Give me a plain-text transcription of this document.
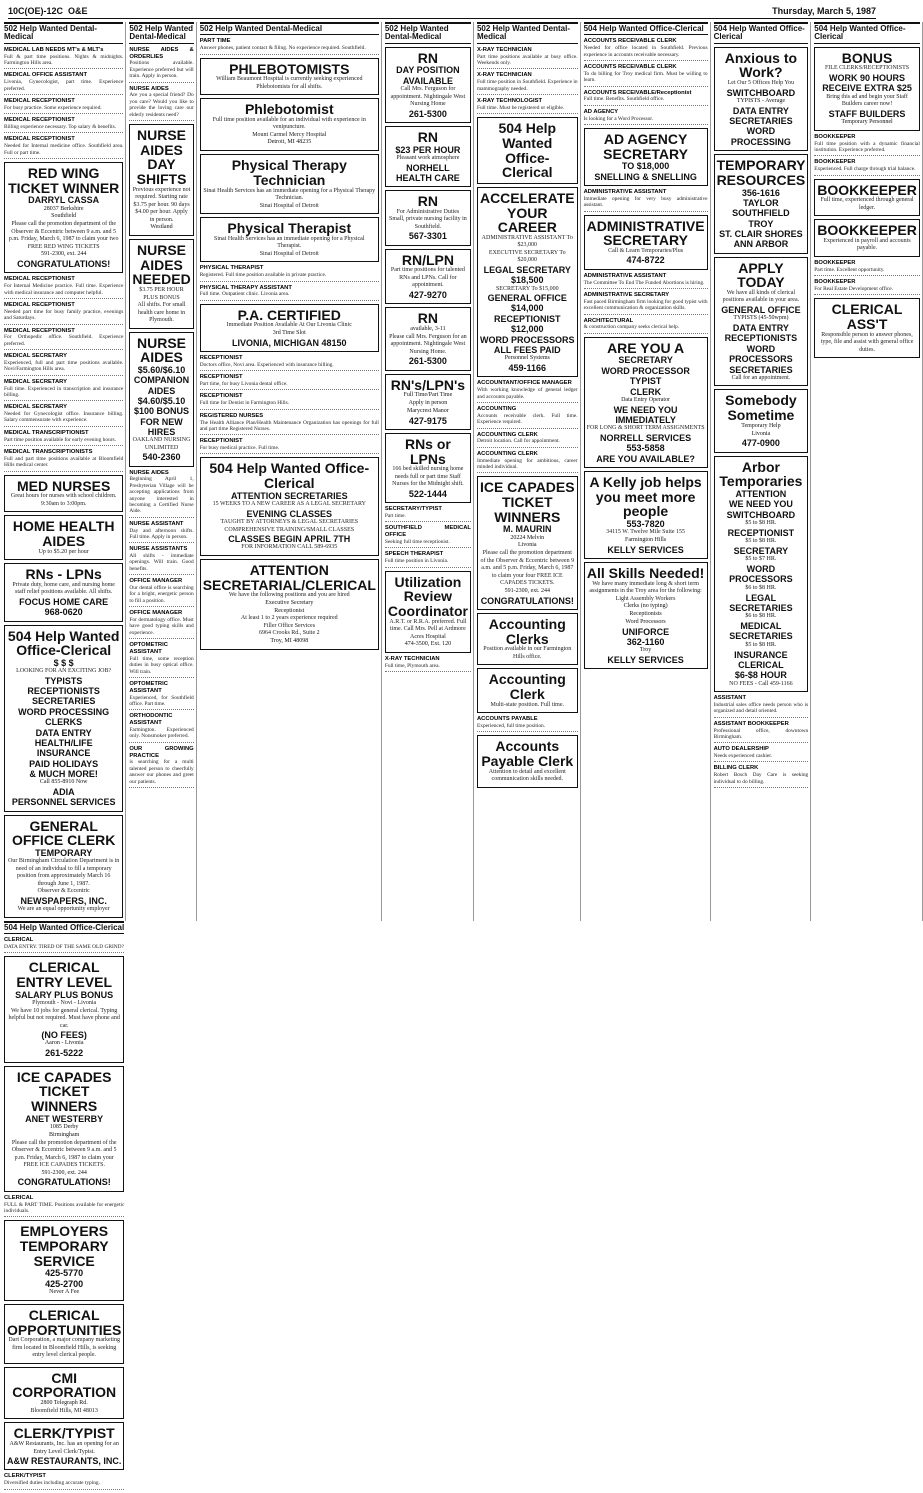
10C(OE)-12C O&E	Thursday, March 5, 1987
502 Help Wanted Dental-Medical
MEDICAL LAB NEEDS MT's & MLT's
Full & part time positions. Nights & midnights. Farmington Hills area.
MEDICAL OFFICE ASSISTANT
Livonia, Gynecologist, part time. Experience preferred.
MEDICAL RECEPTIONIST
For busy practice. Some experience required.
MEDICAL RECEPTIONIST
Billing experience necessary. Top salary & benefits.
MEDICAL RECEPTIONIST
Needed for Internal medicine office. Southfield area. Full or part time.
RED WING TICKET WINNER
DARRYL CASSA
28037 Berkshire
Southfield
Please call the promotion department of the Observer & Eccentric between 9 a.m. and 5 p.m. Friday, March 6, 1987 to claim your two FREE RED WING TICKETS
591-2300, ext. 244
CONGRATULATIONS!
MEDICAL RECEPTIONIST
For Internal Medicine practice. Full time. Experience with medical insurance and computer helpful.
MEDICAL RECEPTIONIST
Needed part time for busy family practice, evenings and Saturdays.
MEDICAL RECEPTIONIST
For Orthopedic office. Southfield. Experience preferred.
MEDICAL SECRETARY
Experienced, full and part time positions available. Novi/Farmington Hills area.
MEDICAL SECRETARY
Full time. Experienced in transcription and insurance billing.
MEDICAL SECRETARY
Needed for Gynecologist office. Insurance billing. Salary commensurate with experience.
MEDICAL TRANSCRIPTIONIST
Part time position available for early evening hours.
MEDICAL TRANSCRIPTIONISTS
Full and part time positions available at Bloomfield Hills medical center.
MED NURSES
Great hours for nurses with school children. 9:30am to 3:00pm.
HOME HEALTH AIDES
Up to $5.20 per hour
RNs - LPNs
Private duty, home care, and nursing home staff relief positions available. All shifts.
FOCUS HOME CARE
968-0620
504 Help Wanted Office-Clerical
$ $ $
LOOKING FOR AN EXCITING JOB?
TYPISTS
RECEPTIONISTS
SECRETARIES
WORD PROCESSING
CLERKS
DATA ENTRY
HEALTH/LIFE INSURANCE
PAID HOLIDAYS
& MUCH MORE!
Call 855-8910 Now
ADIA
PERSONNEL SERVICES
GENERAL OFFICE CLERK
TEMPORARY
Our Birmingham Circulation Department is in need of an individual to fill a temporary position from approximately March 16 through June 1, 1987.
Observer & Eccentric
NEWSPAPERS, INC.
We are an equal opportunity employer
502 Help Wanted Dental-Medical
NURSE AIDES & ORDERLIES
Positions available. Experience preferred but will train. Apply in person.
NURSE AIDES
Are you a special friend? Do you care? Would you like to provide the loving care our elderly residents need?
NURSE AIDES DAY SHIFTS
Previous experience not required. Starting rate $3.75 per hour. 90 days $4.00 per hour. Apply in person.
Westland
NURSE AIDES NEEDED
$3.75 PER HOUR PLUS BONUS
All shifts. For small health care home in Plymouth.
NURSE AIDES
$5.60/$6.10
COMPANION AIDES
$4.60/$5.10
$100 BONUS
FOR NEW HIRES
OAKLAND NURSING UNLIMITED
540-2360
NURSE AIDES
Beginning April 1, Presbyterian Village will be accepting applications from anyone interested in becoming a Certified Nurse Aide.
NURSE ASSISTANT
Day and afternoon shifts. Full time. Apply in person.
NURSE ASSISTANTS
All shifts - immediate openings. Will train. Good benefits.
OFFICE MANAGER
Our dental office is searching for a bright, energetic person to fill a position.
OFFICE MANAGER
For dermatology office. Must have good typing skills and experience.
OPTOMETRIC ASSISTANT
Full time, some reception duties in busy optical office. Will train.
OPTOMETRIC ASSISTANT
Experienced, for Southfield office. Part time.
ORTHODONTIC ASSISTANT
Farmington. Experienced only. Nonsmoker preferred.
OUR GROWING PRACTICE
is searching for a multi talented person to cheerfully answer our phones and greet our patients.
502 Help Wanted Dental-Medical
PART TIME
Answer phones, patient contact & filing. No experience required. Southfield.
PHLEBOTOMISTS
William Beaumont Hospital is currently seeking experienced Phlebotomists for all shifts.
Phlebotomist
Full time position available for an individual with experience in venipuncture.
Mount Carmel Mercy Hospital
Detroit, MI 48235
Physical Therapy Technician
Sinai Health Services has an immediate opening for a Physical Therapy Technician.
Sinai Hospital of Detroit
Physical Therapist
Sinai Health Services has an immediate opening for a Physical Therapist.
Sinai Hospital of Detroit
PHYSICAL THERAPIST
Registered. Full time position available in private practice.
PHYSICAL THERAPY ASSISTANT
Full time. Outpatient clinic. Livonia area.
P.A. CERTIFIED
Immediate Position Available At Our Livonia Clinic
3rd Time Slot
LIVONIA, MICHIGAN 48150
RECEPTIONIST
Doctors office, Novi area. Experienced with insurance billing.
RECEPTIONIST
Part time, for busy Livonia dental office.
RECEPTIONIST
Full time for Dentist in Farmington Hills.
REGISTERED NURSES
The Health Alliance Plan/Health Maintenance Organization has openings for full and part time Registered Nurses.
RECEPTIONIST
For busy medical practice. Full time.
504 Help Wanted Office-Clerical
ATTENTION SECRETARIES
15 WEEKS TO A NEW CAREER AS A LEGAL SECRETARY
EVENING CLASSES
TAUGHT BY ATTORNEYS & LEGAL SECRETARIES
COMPREHENSIVE TRAINING/SMALL CLASSES
CLASSES BEGIN APRIL 7TH
FOR INFORMATION CALL 589-6935
ATTENTION SECRETARIAL/CLERICAL
We have the following positions and you are hired
Executive Secretary
Receptionist
At least 1 to 2 years experience required
Filler Office Services
6964 Crooks Rd., Suite 2
Troy, MI 48098
502 Help Wanted Dental-Medical
RN
DAY POSITION AVAILABLE
Call Mrs. Ferguson for appointment. Nightingale West Nursing Home
261-5300
RN
$23 PER HOUR
Pleasant work atmosphere
NORHELL HEALTH CARE
RN
For Administrative Duties
Small, private nursing facility in Southfield.
567-3301
RN/LPN
Part time positions for talented RNs and LPNs. Call for appointment.
427-9270
RN
available, 3-11
Please call Mrs. Ferguson for an appointment. Nightingale West Nursing Home.
261-5300
RN's/LPN's
Full Time/Part Time
Apply in person
Marycrest Manor
427-9175
RNs or LPNs
166 bed skilled nursing home needs full or part time Staff Nurses for the Midnight shift.
522-1444
SECRETARY/TYPIST
Part time.
SOUTHFIELD MEDICAL OFFICE
Seeking full time receptionist.
SPEECH THERAPIST
Full time position in Livonia.
Utilization Review Coordinator
A.R.T. or R.R.A. preferred. Full time. Call Mrs. Pell at Ardmore Acres Hospital
474-3500, Ext. 120
X-RAY TECHNICIAN
Full time, Plymouth area.
502 Help Wanted Dental-Medical
X-RAY TECHNICIAN
Part time positions available at busy office. Weekends only.
X-RAY TECHNICIAN
Full time position in Southfield. Experience in mammography needed.
X-RAY TECHNOLOGIST
Full time. Must be registered or eligible.
504 Help Wanted Office-Clerical
ACCELERATE YOUR CAREER
ADMINISTRATIVE ASSISTANT To $23,000
EXECUTIVE SECRETARY To $20,000
LEGAL SECRETARY $18,500
SECRETARY To $15,000
GENERAL OFFICE $14,000
RECEPTIONIST $12,000
WORD PROCESSORS
ALL FEES PAID
Personnel Systems
459-1166
ACCOUNTANT/OFFICE MANAGER
With working knowledge of general ledger and accounts payable.
ACCOUNTING
Accounts receivable clerk. Full time. Experience required.
ACCOUNTING CLERK
Detroit location. Call for appointment.
ACCOUNTING CLERK
Immediate opening for ambitious, career minded individual.
ICE CAPADES TICKET WINNERS
M. MAURIN
20224 Melvin
Livonia
Please call the promotion department of the Observer & Eccentric between 9 a.m. and 5 p.m. Friday, March 6, 1987 to claim your four FREE ICE CAPADES TICKETS.
591-2300, ext. 244
CONGRATULATIONS!
Accounting Clerks
Position available in our Farmington Hills office.
Accounting Clerk
Multi-state position. Full time.
ACCOUNTS PAYABLE
Experienced, full time position.
Accounts Payable Clerk
Attention to detail and excellent communication skills needed.
504 Help Wanted Office-Clerical
ACCOUNTS RECEIVABLE CLERK
Needed for office located in Southfield. Previous experience in accounts receivable necessary.
ACCOUNTS RECEIVABLE CLERK
To do billing for Troy medical firm. Must be willing to learn.
ACCOUNTS RECEIVABLE/Receptionist
Full time. Benefits. Southfield office.
AD AGENCY
Is looking for a Word Processor.
AD AGENCY SECRETARY
TO $18,000
SNELLING & SNELLING
ADMINISTRATIVE ASSISTANT
Immediate opening for very busy administrative assistant.
ADMINISTRATIVE SECRETARY
Call & Learn Temporaries/Plus
474-8722
ADMINISTRATIVE ASSISTANT
The Committee To End The Funded Abortions is hiring.
ADMINISTRATIVE SECRETARY
Fast paced Birmingham firm looking for good typist with excellent communication & organization skills.
ARCHITECTURAL
& construction company seeks clerical help.
ARE YOU A
SECRETARY
WORD PROCESSOR
TYPIST
CLERK
Data Entry Operator
WE NEED YOU
IMMEDIATELY
FOR LONG & SHORT TERM ASSIGNMENTS
NORRELL SERVICES
553-5858
ARE YOU AVAILABLE?
A Kelly job helps you meet more people
553-7820
34115 W. Twelve Mile Suite 155
Farmington Hills
KELLY SERVICES
All Skills Needed!
We have many immediate long & short term assignments in the Troy area for the following:
Light Assembly Workers
Clerks (no typing)
Receptionists
Word Processors
UNIFORCE
362-1160
Troy
KELLY SERVICES
504 Help Wanted Office-Clerical
Anxious to Work?
Let Our 5 Offices Help You
SWITCHBOARD
TYPISTS - Average
DATA ENTRY
SECRETARIES
WORD PROCESSING
TEMPORARY RESOURCES
356-1616
TAYLOR
SOUTHFIELD
TROY
ST. CLAIR SHORES
ANN ARBOR
APPLY TODAY
We have all kinds of clerical positions available in your area.
GENERAL OFFICE
TYPISTS (45-50wpm)
DATA ENTRY
RECEPTIONISTS
WORD PROCESSORS
SECRETARIES
Call for an appointment.
Somebody Sometime
Temporary Help
Livonia
477-0900
Arbor Temporaries
ATTENTION
WE NEED YOU
SWITCHBOARD
$5 to $8 HR.
RECEPTIONIST
$5 to $8 HR.
SECRETARY
$5 to $7 HR.
WORD PROCESSORS
$6 to $8 HR.
LEGAL SECRETARIES
$6 to $8 HR.
MEDICAL SECRETARIES
$5 to $8 HR.
INSURANCE CLERICAL
$6-$8 HOUR
NO FEES - Call 459-1166
ASSISTANT
Industrial sales office needs person who is organized and detail oriented.
ASSISTANT BOOKKEEPER
Professional office, downtown Birmingham.
AUTO DEALERSHIP
Needs experienced cashier.
BILLING CLERK
Robert Bosch Day Care is seeking individual to do billing.
504 Help Wanted Office-Clerical
BONUS
FILE CLERKS/RECEPTIONISTS
WORK 90 HOURS
RECEIVE EXTRA $25
Bring this ad and begin your Staff Builders career now!
STAFF BUILDERS
Temporary Personnel
BOOKKEEPER
Full time position with a dynamic financial institution. Experience preferred.
BOOKKEEPER
Experienced. Full charge through trial balance.
BOOKKEEPER
Full time, experienced through general ledger.
BOOKKEEPER
Experienced in payroll and accounts payable.
BOOKKEEPER
Part time. Excellent opportunity.
BOOKKEEPER
For Real Estate Development office.
CLERICAL ASS'T
Responsible person to answer phones, type, file and assist with general office duties.
504 Help Wanted Office-Clerical
CLERICAL
DATA ENTRY. TIRED OF THE SAME OLD GRIND?
CLERICAL ENTRY LEVEL
SALARY PLUS BONUS
Plymouth - Novi - Livonia
We have 10 jobs for general clerical. Typing helpful but not required. Must have phone and car.
(NO FEES)
Aaron - Livonia
261-5222
ICE CAPADES TICKET WINNERS
ANET WESTERBY
1085 Derby
Birmingham
Please call the promotion department of the Observer & Eccentric between 9 a.m. and 5 p.m. Friday, March 6, 1987 to claim your FREE ICE CAPADES TICKETS.
591-2300, ext. 244
CONGRATULATIONS!
CLERICAL
FULL & PART TIME. Positions available for energetic individuals.
EMPLOYERS TEMPORARY SERVICE
425-5770
425-2700
Never A Fee
CLERICAL OPPORTUNITIES
Dart Corporation, a major company marketing firm located in Bloomfield Hills, is seeking entry level clerical people.
CMI CORPORATION
2800 Telegraph Rd.
Bloomfield Hills, MI 48013
CLERK/TYPIST
A&W Restaurants, Inc. has an opening for an Entry Level Clerk/Typist.
A&W RESTAURANTS, INC.
CLERK/TYPIST
Diversified duties including accurate typing.
